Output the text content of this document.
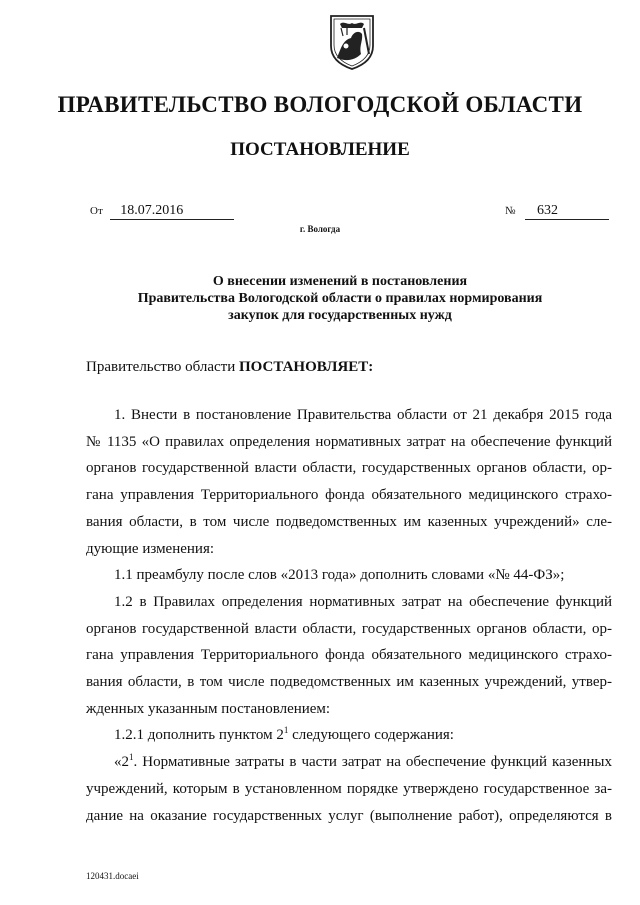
ПРАВИТЕЛЬСТВО ВОЛОГОДСКОЙ ОБЛАСТИ
ПОСТАНОВЛЕНИЕ
От 18.07.2016	№ 632
г. Вологда
О внесении изменений в постановления
Правительства Вологодской области о правилах нормирования
закупок для государственных нужд
Правительство области ПОСТАНОВЛЯЕТ:
1. Внести в постановление Правительства области от 21 декабря 2015 года
№ 1135 «О правилах определения нормативных затрат на обеспечение функций
органов государственной власти области, государственных органов области, ор-
гана управления Территориального фонда обязательного медицинского страхо-
вания области, в том числе подведомственных им казенных учреждений» сле-
дующие изменения:
1.1 преамбулу после слов «2013 года» дополнить словами «№ 44-ФЗ»;
1.2 в Правилах определения нормативных затрат на обеспечение функций
органов государственной власти области, государственных органов области, ор-
гана управления Территориального фонда обязательного медицинского страхо-
вания области, в том числе подведомственных им казенных учреждений, утвер-
жденных указанным постановлением:
1.2.1 дополнить пунктом $2^1$ следующего содержания:
«$2^1$. Нормативные затраты в части затрат на обеспечение функций казенных
учреждений, которым в установленном порядке утверждено государственное за-
дание на оказание государственных услуг (выполнение работ), определяются в
120431.docaei
